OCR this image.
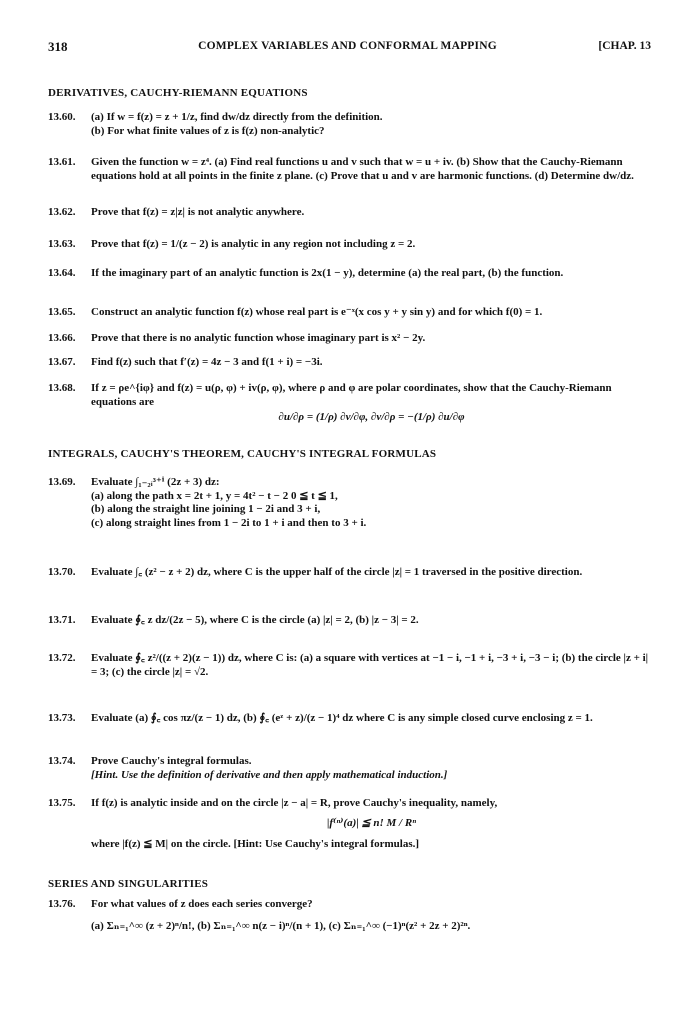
318	COMPLEX VARIABLES AND CONFORMAL MAPPING	[CHAP. 13
DERIVATIVES, CAUCHY-RIEMANN EQUATIONS
13.60. (a) If w = f(z) = z + 1/z, find dw/dz directly from the definition.
(b) For what finite values of z is f(z) non-analytic?
13.61. Given the function w = z⁴. (a) Find real functions u and v such that w = u + iv. (b) Show that the Cauchy-Riemann equations hold at all points in the finite z plane. (c) Prove that u and v are harmonic functions. (d) Determine dw/dz.
13.62. Prove that f(z) = z|z| is not analytic anywhere.
13.63. Prove that f(z) = 1/(z − 2) is analytic in any region not including z = 2.
13.64. If the imaginary part of an analytic function is 2x(1 − y), determine (a) the real part, (b) the function.
13.65. Construct an analytic function f(z) whose real part is e⁻ˣ(x cos y + y sin y) and for which f(0) = 1.
13.66. Prove that there is no analytic function whose imaginary part is x² − 2y.
13.67. Find f(z) such that f′(z) = 4z − 3 and f(1 + i) = −3i.
13.68. If z = ρe^{iφ} and f(z) = u(ρ, φ) + iv(ρ, φ), where ρ and φ are polar coordinates, show that the Cauchy-Riemann equations are
∂u/∂ρ = (1/ρ) ∂v/∂φ, ∂v/∂ρ = −(1/ρ) ∂u/∂φ
INTEGRALS, CAUCHY'S THEOREM, CAUCHY'S INTEGRAL FORMULAS
13.69. Evaluate ∫₁₋₂ᵢ³⁺ⁱ (2z + 3) dz:
(a) along the path x = 2t + 1, y = 4t² − t − 2 0 ≦ t ≦ 1,
(b) along the straight line joining 1 − 2i and 3 + i,
(c) along straight lines from 1 − 2i to 1 + i and then to 3 + i.
13.70. Evaluate ∫꜀ (z² − z + 2) dz, where C is the upper half of the circle |z| = 1 traversed in the positive direction.
13.71. Evaluate ∮꜀ z dz/(2z − 5), where C is the circle (a) |z| = 2, (b) |z − 3| = 2.
13.72. Evaluate ∮꜀ z²/((z + 2)(z − 1)) dz, where C is: (a) a square with vertices at −1 − i, −1 + i, −3 + i, −3 − i; (b) the circle |z + i| = 3; (c) the circle |z| = √2.
13.73. Evaluate (a) ∮꜀ cos πz/(z − 1) dz, (b) ∮꜀ (eᶻ + z)/(z − 1)⁴ dz where C is any simple closed curve enclosing z = 1.
13.74. Prove Cauchy's integral formulas.
[Hint. Use the definition of derivative and then apply mathematical induction.]
13.75. If f(z) is analytic inside and on the circle |z − a| = R, prove Cauchy's inequality, namely,
|f⁽ⁿ⁾(a)| ≦ n! M / Rⁿ
where |f(z) ≦ M| on the circle. [Hint: Use Cauchy's integral formulas.]
SERIES AND SINGULARITIES
13.76. For what values of z does each series converge?
(a) Σₙ₌₁^∞ (z + 2)ⁿ/n!, (b) Σₙ₌₁^∞ n(z − i)ⁿ/(n + 1), (c) Σₙ₌₁^∞ (−1)ⁿ(z² + 2z + 2)²ⁿ.
